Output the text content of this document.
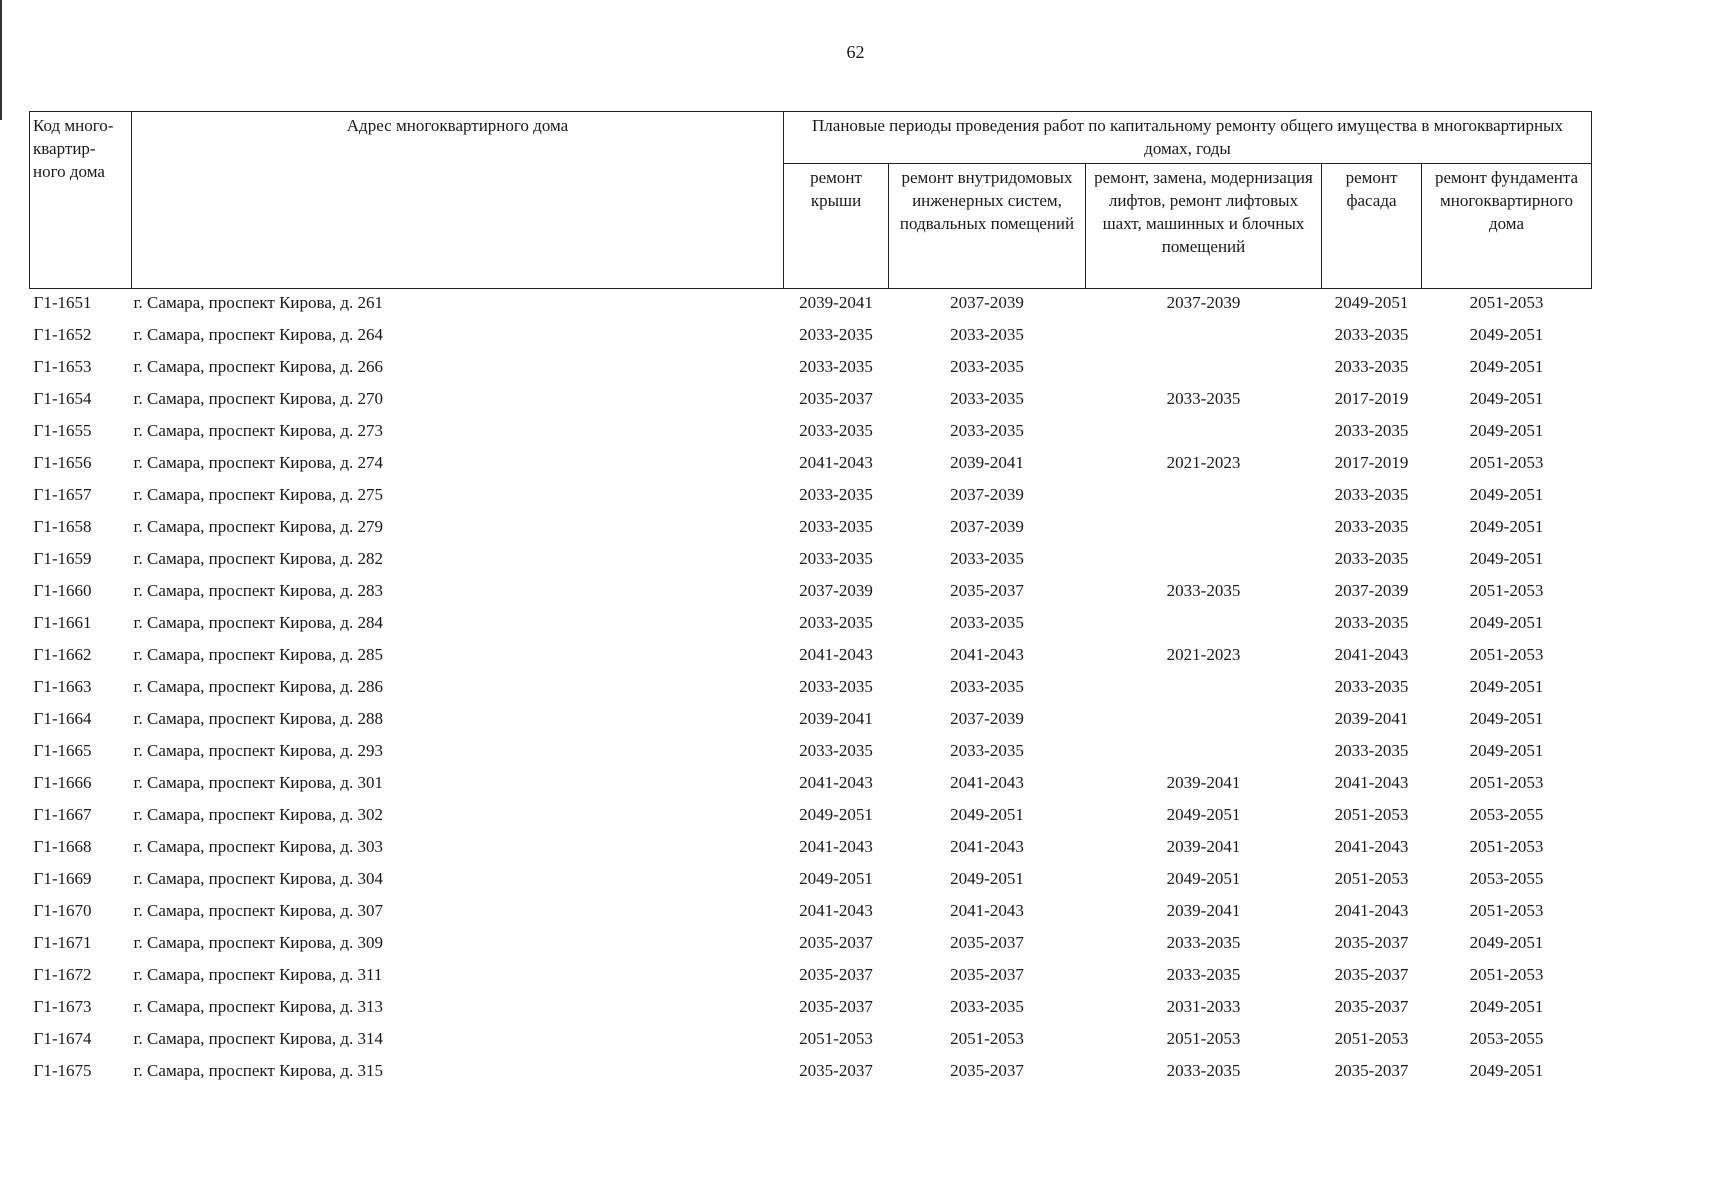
62
Код много-квартир-ного дома	Адрес многоквартирного дома	Плановые периоды проведения работ по капитальному ремонту общего имущества в многоквартирных домах, годы				
		ремонт крыши	ремонт внутридомовых инженерных систем, подвальных помещений	ремонт, замена, модернизация лифтов, ремонт лифтовых шахт, машинных и блочных помещений	ремонт фасада	ремонт фундамента многоквартирного дома
Г1-1651	г. Самара, проспект Кирова, д. 261	2039-2041	2037-2039	2037-2039	2049-2051	2051-2053
Г1-1652	г. Самара, проспект Кирова, д. 264	2033-2035	2033-2035		2033-2035	2049-2051
Г1-1653	г. Самара, проспект Кирова, д. 266	2033-2035	2033-2035		2033-2035	2049-2051
Г1-1654	г. Самара, проспект Кирова, д. 270	2035-2037	2033-2035	2033-2035	2017-2019	2049-2051
Г1-1655	г. Самара, проспект Кирова, д. 273	2033-2035	2033-2035		2033-2035	2049-2051
Г1-1656	г. Самара, проспект Кирова, д. 274	2041-2043	2039-2041	2021-2023	2017-2019	2051-2053
Г1-1657	г. Самара, проспект Кирова, д. 275	2033-2035	2037-2039		2033-2035	2049-2051
Г1-1658	г. Самара, проспект Кирова, д. 279	2033-2035	2037-2039		2033-2035	2049-2051
Г1-1659	г. Самара, проспект Кирова, д. 282	2033-2035	2033-2035		2033-2035	2049-2051
Г1-1660	г. Самара, проспект Кирова, д. 283	2037-2039	2035-2037	2033-2035	2037-2039	2051-2053
Г1-1661	г. Самара, проспект Кирова, д. 284	2033-2035	2033-2035		2033-2035	2049-2051
Г1-1662	г. Самара, проспект Кирова, д. 285	2041-2043	2041-2043	2021-2023	2041-2043	2051-2053
Г1-1663	г. Самара, проспект Кирова, д. 286	2033-2035	2033-2035		2033-2035	2049-2051
Г1-1664	г. Самара, проспект Кирова, д. 288	2039-2041	2037-2039		2039-2041	2049-2051
Г1-1665	г. Самара, проспект Кирова, д. 293	2033-2035	2033-2035		2033-2035	2049-2051
Г1-1666	г. Самара, проспект Кирова, д. 301	2041-2043	2041-2043	2039-2041	2041-2043	2051-2053
Г1-1667	г. Самара, проспект Кирова, д. 302	2049-2051	2049-2051	2049-2051	2051-2053	2053-2055
Г1-1668	г. Самара, проспект Кирова, д. 303	2041-2043	2041-2043	2039-2041	2041-2043	2051-2053
Г1-1669	г. Самара, проспект Кирова, д. 304	2049-2051	2049-2051	2049-2051	2051-2053	2053-2055
Г1-1670	г. Самара, проспект Кирова, д. 307	2041-2043	2041-2043	2039-2041	2041-2043	2051-2053
Г1-1671	г. Самара, проспект Кирова, д. 309	2035-2037	2035-2037	2033-2035	2035-2037	2049-2051
Г1-1672	г. Самара, проспект Кирова, д. 311	2035-2037	2035-2037	2033-2035	2035-2037	2051-2053
Г1-1673	г. Самара, проспект Кирова, д. 313	2035-2037	2033-2035	2031-2033	2035-2037	2049-2051
Г1-1674	г. Самара, проспект Кирова, д. 314	2051-2053	2051-2053	2051-2053	2051-2053	2053-2055
Г1-1675	г. Самара, проспект Кирова, д. 315	2035-2037	2035-2037	2033-2035	2035-2037	2049-2051
